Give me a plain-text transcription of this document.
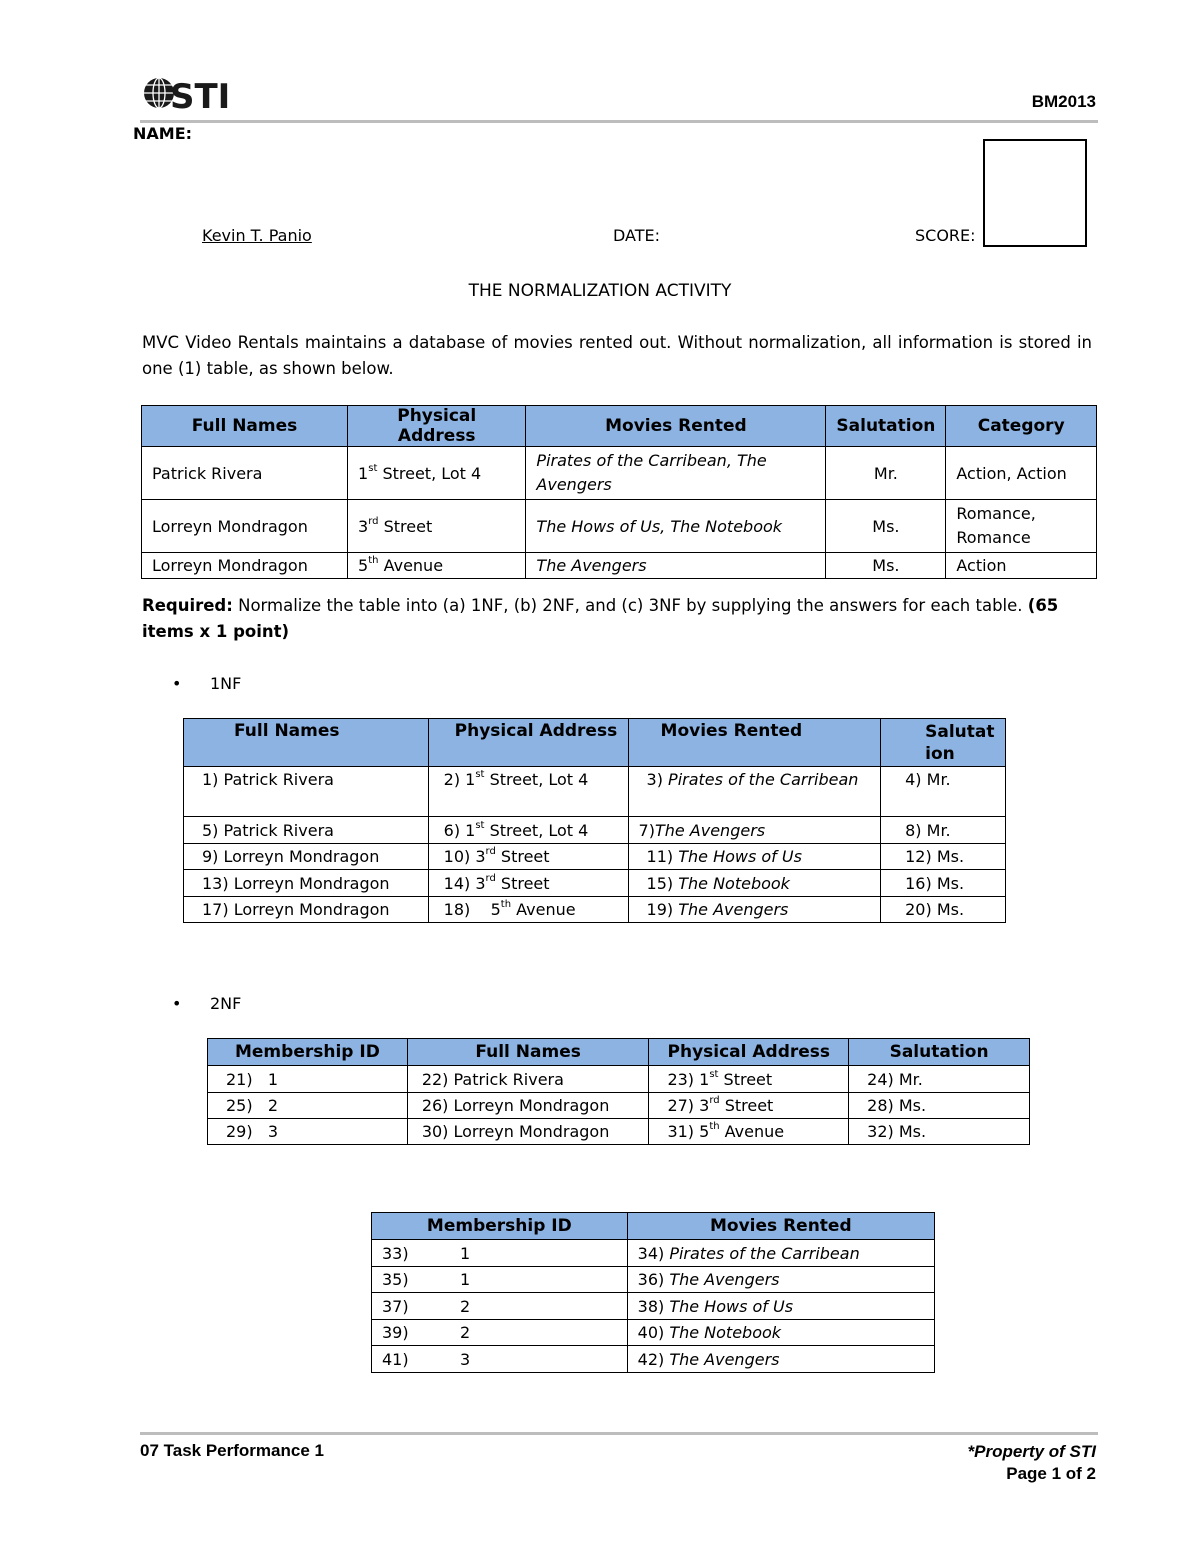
STI	BM2013
NAME:
Kevin T. Panio	DATE:	SCORE:
THE NORMALIZATION ACTIVITY
MVC Video Rentals maintains a database of movies rented out. Without normalization, all information is stored in one (1) table, as shown below.
Full Names	Physical Address	Movies Rented	Salutation	Category
Patrick Rivera	1st Street, Lot 4	Pirates of the Carribean, The Avengers	Mr.	Action, Action
Lorreyn Mondragon	3rd Street	The Hows of Us, The Notebook	Ms.	Romance, Romance
Lorreyn Mondragon	5th Avenue	The Avengers	Ms.	Action
Required: Normalize the table into (a) 1NF, (b) 2NF, and (c) 3NF by supplying the answers for each table. (65 items x 1 point)
• 1NF
Full Names	Physical Address	Movies Rented	Salutation
1) Patrick Rivera	2) 1st Street, Lot 4	3) Pirates of the Carribean	4) Mr.
5) Patrick Rivera	6) 1st Street, Lot 4	7)The Avengers	8) Mr.
9) Lorreyn Mondragon	10) 3rd Street	11) The Hows of Us	12) Ms.
13) Lorreyn Mondragon	14) 3rd Street	15) The Notebook	16) Ms.
17) Lorreyn Mondragon	18)    5th Avenue	19) The Avengers	20) Ms.
• 2NF
Membership ID	Full Names	Physical Address	Salutation
21)   1	22) Patrick Rivera	23) 1st Street	24) Mr.
25)   2	26) Lorreyn Mondragon	27) 3rd Street	28) Ms.
29)   3	30) Lorreyn Mondragon	31) 5th Avenue	32) Ms.
Membership ID	Movies Rented
33) 1	34) Pirates of the Carribean
35) 1	36) The Avengers
37) 2	38) The Hows of Us
39) 2	40) The Notebook
41) 3	42) The Avengers
07 Task Performance 1	*Property of STI
Page 1 of 2
